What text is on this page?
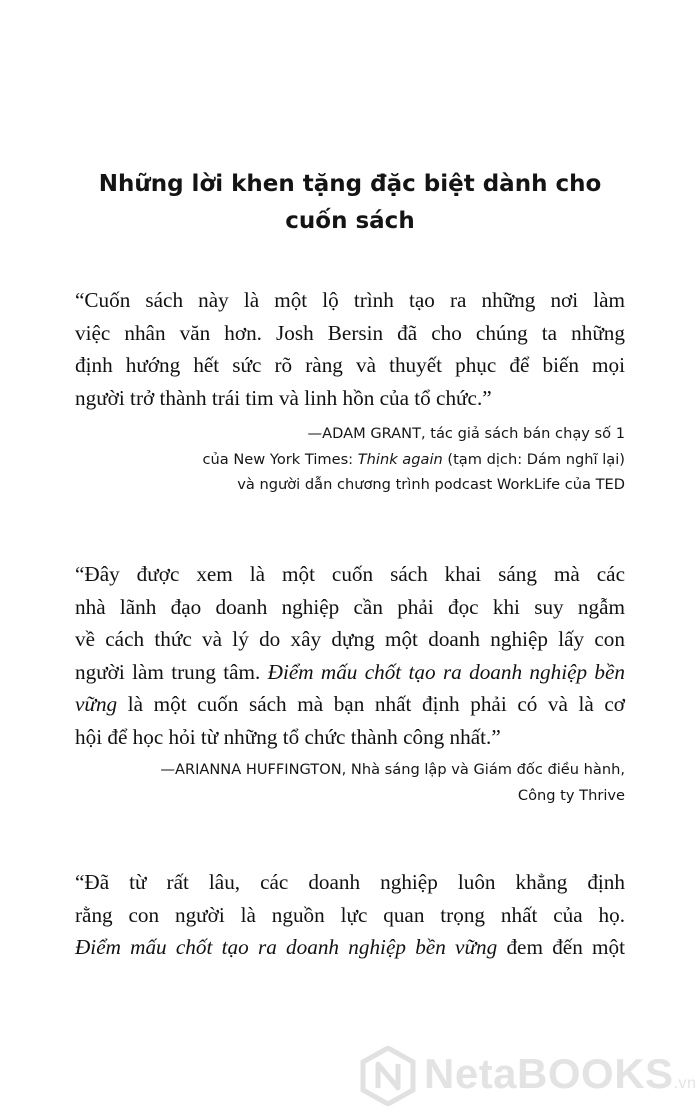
Những lời khen tặng đặc biệt dành cho
cuốn sách
“Cuốn sách này là một lộ trình tạo ra những nơi làm
việc nhân văn hơn. Josh Bersin đã cho chúng ta những
định hướng hết sức rõ ràng và thuyết phục để biến mọi
người trở thành trái tim và linh hồn của tổ chức.”
—ADAM GRANT, tác giả sách bán chạy số 1
của New York Times: Think again (tạm dịch: Dám nghĩ lại)
và người dẫn chương trình podcast WorkLife của TED
“Đây được xem là một cuốn sách khai sáng mà các
nhà lãnh đạo doanh nghiệp cần phải đọc khi suy ngẫm
về cách thức và lý do xây dựng một doanh nghiệp lấy con
người làm trung tâm. Điểm mấu chốt tạo ra doanh nghiệp bền
vững là một cuốn sách mà bạn nhất định phải có và là cơ
hội để học hỏi từ những tổ chức thành công nhất.”
—ARIANNA HUFFINGTON, Nhà sáng lập và Giám đốc điều hành,
Công ty Thrive
“Đã từ rất lâu, các doanh nghiệp luôn khẳng định
rằng con người là nguồn lực quan trọng nhất của họ.
Điểm mấu chốt tạo ra doanh nghiệp bền vững đem đến một
NetaBOOKS.vn
